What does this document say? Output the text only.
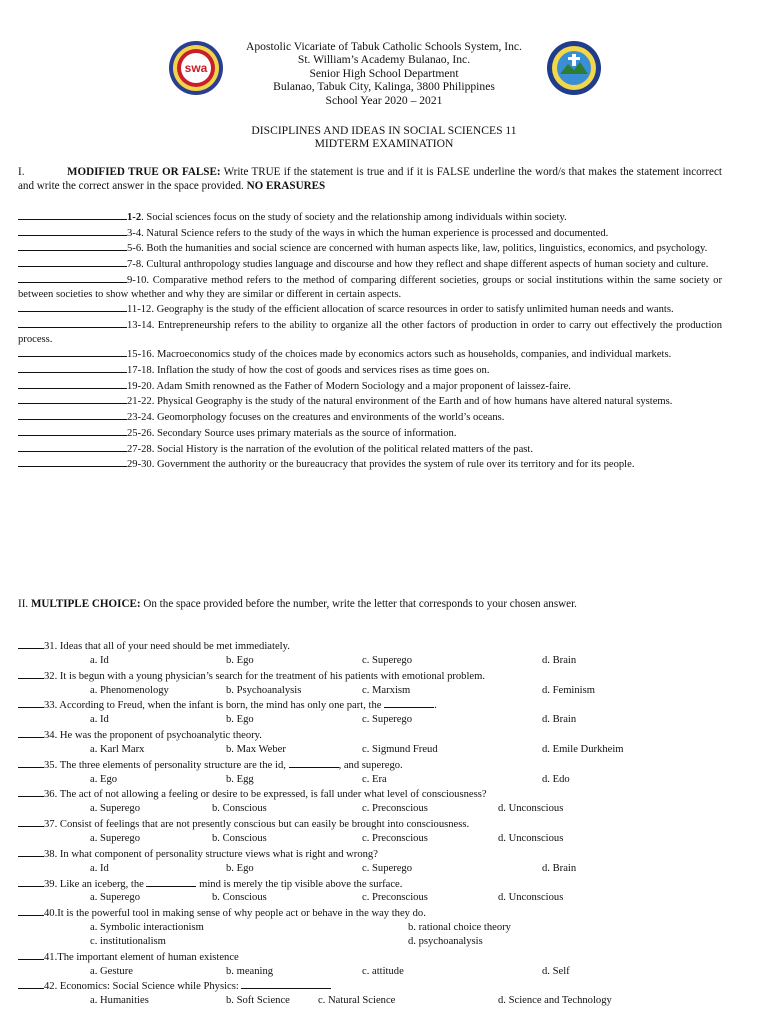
swa
Apostolic Vicariate of Tabuk Catholic Schools System, Inc.
St. William’s Academy Bulanao, Inc.
Senior High School Department
Bulanao, Tabuk City, Kalinga, 3800 Philippines
School Year 2020 – 2021
DISCIPLINES AND IDEAS IN SOCIAL SCIENCES 11
MIDTERM EXAMINATION
I.	MODIFIED TRUE OR FALSE: Write TRUE if the statement is true and if it is FALSE underline the word/s that makes the statement incorrect and write the correct answer in the space provided. NO ERASURES
1-2. Social sciences focus on the study of society and the relationship among individuals within society.
3-4. Natural Science refers to the study of the ways in which the human experience is processed and documented.
5-6. Both the humanities and social science are concerned with human aspects like, law, politics, linguistics, economics, and psychology.
7-8. Cultural anthropology studies language and discourse and how they reflect and shape different aspects of human society and culture.
9-10. Comparative method refers to the method of comparing different societies, groups or social institutions within the same society or between societies to show whether and why they are similar or different in certain aspects.
11-12. Geography is the study of the efficient allocation of scarce resources in order to satisfy unlimited human needs and wants.
13-14. Entrepreneurship refers to the ability to organize all the other factors of production in order to carry out effectively the production process.
15-16. Macroeconomics study of the choices made by economics actors such as households, companies, and individual markets.
17-18. Inflation the study of how the cost of goods and services rises as time goes on.
19-20. Adam Smith renowned as the Father of Modern Sociology and a major proponent of laissez-faire.
21-22. Physical Geography is the study of the natural environment of the Earth and of how humans have altered natural systems.
23-24. Geomorphology focuses on the creatures and environments of the world’s oceans.
25-26. Secondary Source uses primary materials as the source of information.
27-28. Social History is the narration of the evolution of the political related matters of the past.
29-30. Government the authority or the bureaucracy that provides the system of rule over its territory and for its people.
II. MULTIPLE CHOICE: On the space provided before the number, write the letter that corresponds to your chosen answer.
31. Ideas that all of your need should be met immediately.
a. Id	b. Ego	c. Superego	d. Brain
32. It is begun with a young physician’s search for the treatment of his patients with emotional problem.
a. Phenomenology	b. Psychoanalysis	c. Marxism	d. Feminism
33. According to Freud, when the infant is born, the mind has only one part, the	.
a. Id	b. Ego	c. Superego	d. Brain
34. He was the proponent of psychoanalytic theory.
a. Karl Marx	b. Max Weber	c. Sigmund Freud	d. Emile Durkheim
35. The three elements of personality structure are the id,	, and superego.
a. Ego	b. Egg	c. Era	d. Edo
36. The act of not allowing a feeling or desire to be expressed, is fall under what level of consciousness?
a. Superego	b. Conscious	c. Preconscious	d. Unconscious
37. Consist of feelings that are not presently conscious but can easily be brought into consciousness.
a. Superego	b. Conscious	c. Preconscious	d. Unconscious
38. In what component of personality structure views what is right and wrong?
a. Id	b. Ego	c. Superego	d. Brain
39. Like an iceberg, the	mind is merely the tip visible above the surface.
a. Superego	b. Conscious	c. Preconscious	d. Unconscious
40.It is the powerful tool in making sense of why people act or behave in the way they do.
a. Symbolic interactionism	b. rational choice theory
c. institutionalism	d. psychoanalysis
41.The important element of human existence
a. Gesture	b. meaning	c. attitude	d. Self
42. Economics: Social Science while Physics:
a. Humanities	b. Soft Science	c. Natural Science	d. Science and Technology
